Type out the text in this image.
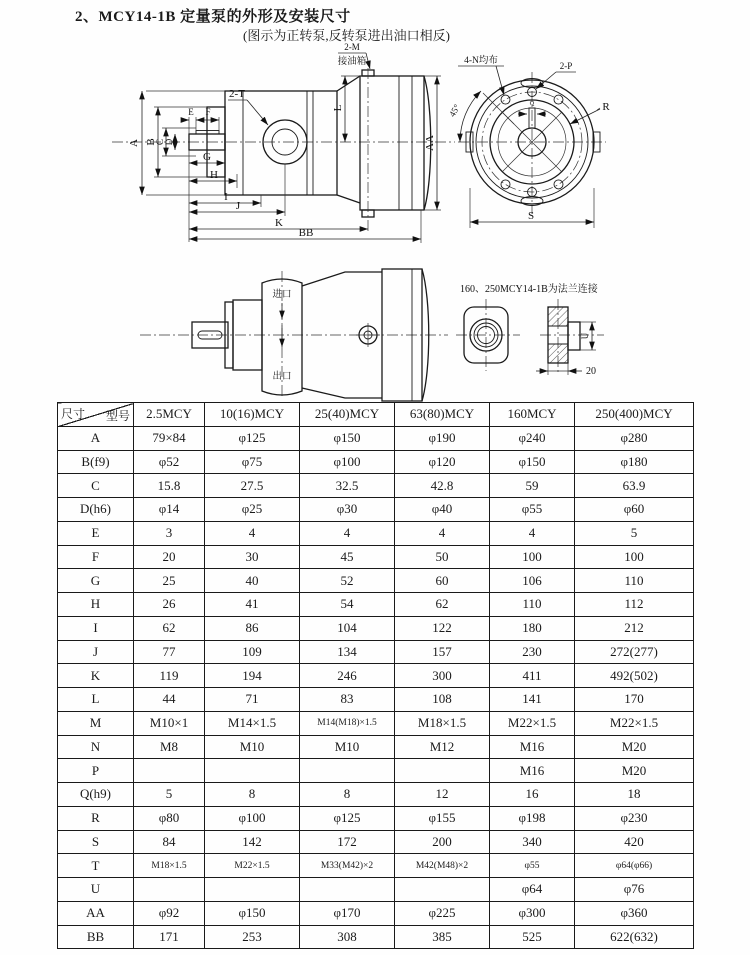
2、MCY14-1B 定量泵的外形及安装尺寸
(图示为正转泵,反转泵进出油口相反)
2-T
2-M
接油箱
A B
C D
E F
G
H
I
J
K
BB
L
AA
45°	R
4-N均布	2-P
Q
S
进口
出口
160、250MCY14-1B为法兰连接
U
20
尺寸 型号	2.5MCY	10(16)MCY	25(40)MCY	63(80)MCY	160MCY	250(400)MCY
A	79×84	φ125	φ150	φ190	φ240	φ280
B(f9)	φ52	φ75	φ100	φ120	φ150	φ180
C	15.8	27.5	32.5	42.8	59	63.9
D(h6)	φ14	φ25	φ30	φ40	φ55	φ60
E	3	4	4	4	4	5
F	20	30	45	50	100	100
G	25	40	52	60	106	110
H	26	41	54	62	110	112
I	62	86	104	122	180	212
J	77	109	134	157	230	272(277)
K	119	194	246	300	411	492(502)
L	44	71	83	108	141	170
M	M10×1	M14×1.5	M14(M18)×1.5	M18×1.5	M22×1.5	M22×1.5
N	M8	M10	M10	M12	M16	M20
P					M16	M20
Q(h9)	5	8	8	12	16	18
R	φ80	φ100	φ125	φ155	φ198	φ230
S	84	142	172	200	340	420
T	M18×1.5	M22×1.5	M33(M42)×2	M42(M48)×2	φ55	φ64(φ66)
U					φ64	φ76
AA	φ92	φ150	φ170	φ225	φ300	φ360
BB	171	253	308	385	525	622(632)
